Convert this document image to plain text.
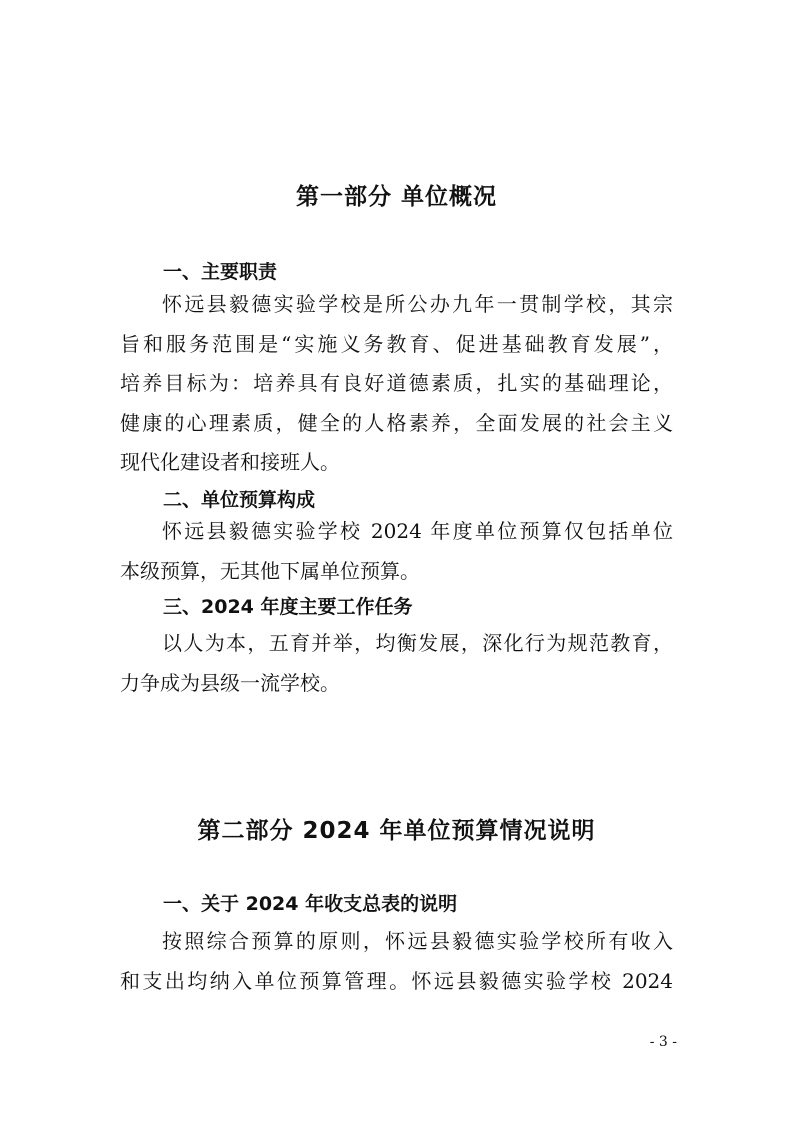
第一部分 单位概况
一、主要职责
怀远县毅德实验学校是所公办九年一贯制学校，其宗
旨和服务范围是“实施义务教育、促进基础教育发展”，
培养目标为：培养具有良好道德素质，扎实的基础理论，
健康的心理素质，健全的人格素养，全面发展的社会主义
现代化建设者和接班人。
二、单位预算构成
怀远县毅德实验学校 2024 年度单位预算仅包括单位
本级预算，无其他下属单位预算。
三、2024 年度主要工作任务
以人为本，五育并举，均衡发展，深化行为规范教育，
力争成为县级一流学校。
第二部分 2024 年单位预算情况说明
一、关于 2024 年收支总表的说明
按照综合预算的原则，怀远县毅德实验学校所有收入
和支出均纳入单位预算管理。怀远县毅德实验学校 2024

- 3 -
